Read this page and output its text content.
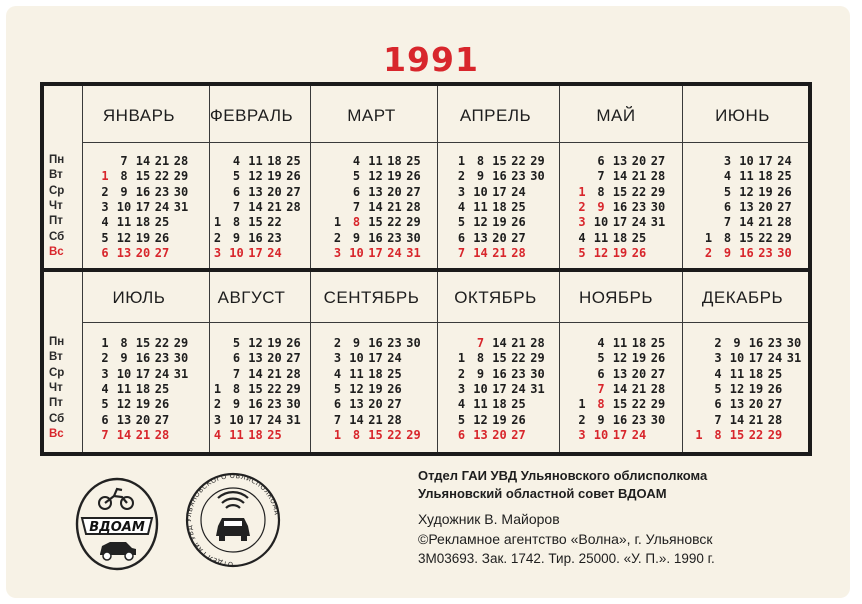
1991
ЯНВАРЬ
7 14 21 28
1 8 15 22 29
2 9 16 23 30
3 10 17 24 31
4 11 18 25
5 12 19 26
6 13 20 27
ФЕВРАЛЬ
4 11 18 25
5 12 19 26
6 13 20 27
7 14 21 28
1 8 15 22
2 9 16 23
3 10 17 24
МАРТ
4 11 18 25
5 12 19 26
6 13 20 27
7 14 21 28
1 8 15 22 29
2 9 16 23 30
3 10 17 24 31
АПРЕЛЬ
1 8 15 22 29
2 9 16 23 30
3 10 17 24
4 11 18 25
5 12 19 26
6 13 20 27
7 14 21 28
МАЙ
6 13 20 27
7 14 21 28
1 8 15 22 29
2 9 16 23 30
3 10 17 24 31
4 11 18 25
5 12 19 26
ИЮНЬ
3 10 17 24
4 11 18 25
5 12 19 26
6 13 20 27
7 14 21 28
1 8 15 22 29
2 9 16 23 30
ИЮЛЬ
1 8 15 22 29
2 9 16 23 30
3 10 17 24 31
4 11 18 25
5 12 19 26
6 13 20 27
7 14 21 28
АВГУСТ
5 12 19 26
6 13 20 27
7 14 21 28
1 8 15 22 29
2 9 16 23 30
3 10 17 24 31
4 11 18 25
СЕНТЯБРЬ
2 9 16 23 30
3 10 17 24
4 11 18 25
5 12 19 26
6 13 20 27
7 14 21 28
1 8 15 22 29
ОКТЯБРЬ
7 14 21 28
1 8 15 22 29
2 9 16 23 30
3 10 17 24 31
4 11 18 25
5 12 19 26
6 13 20 27
НОЯБРЬ
4 11 18 25
5 12 19 26
6 13 20 27
7 14 21 28
1 8 15 22 29
2 9 16 23 30
3 10 17 24
ДЕКАБРЬ
2 9 16 23 30
3 10 17 24 31
4 11 18 25
5 12 19 26
6 13 20 27
7 14 21 28
1 8 15 22 29
Пн
Вт
Ср
Чт
Пт
Сб
Вс
Пн
Вт
Ср
Чт
Пт
Сб
Вс
Отдел ГАИ УВД Ульяновского облисполкома
Ульяновский областной совет ВДОАМ
Художник В. Майоров
©Рекламное агентство «Волна», г. Ульяновск
3М03693. Зак. 1742. Тир. 25000. «У. П.». 1990 г.
ВДОАМ
ОТДЕЛ ГАИ УВД УЛЬЯНОВСКОГО ОБЛИСПОЛКОМА
